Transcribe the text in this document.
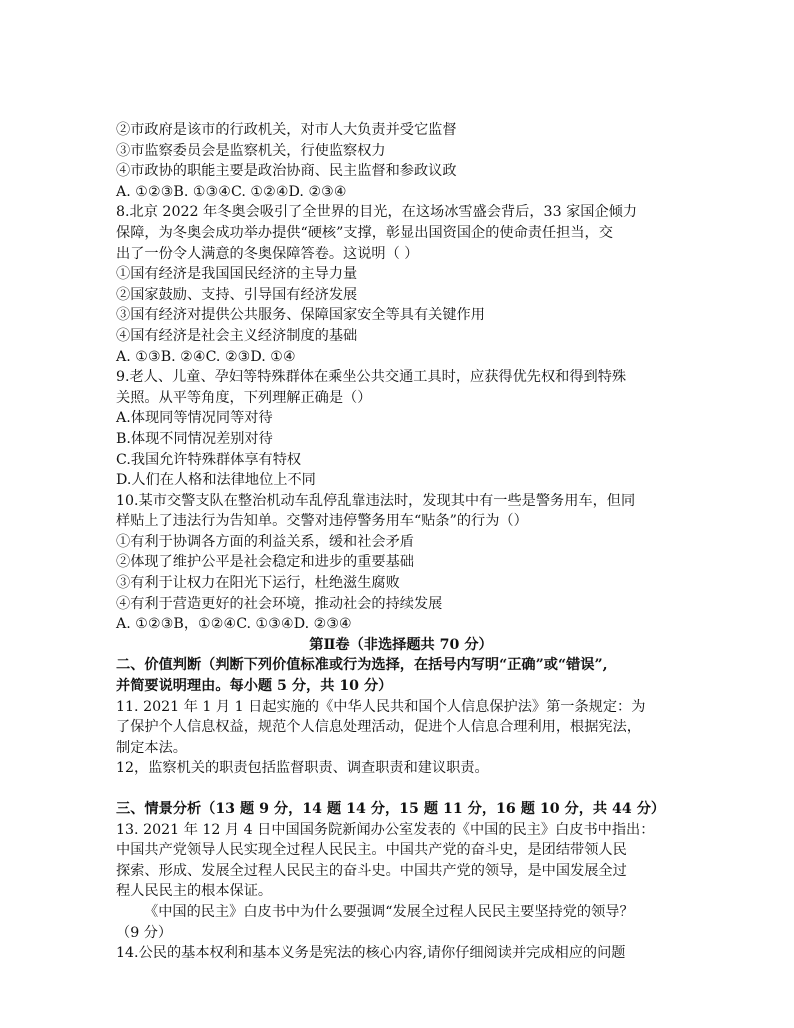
②市政府是该市的行政机关，对市人大负责并受它监督
③市监察委员会是监察机关，行使监察权力
④市政协的职能主要是政治协商、民主监督和参政议政
A. ①②③B. ①③④C. ①②④D. ②③④
8.北京 2022 年冬奥会吸引了全世界的目光，在这场冰雪盛会背后，33 家国企倾力
保障，为冬奥会成功举办提供“硬核”支撑，彰显出国资国企的使命责任担当，交
出了一份令人满意的冬奥保障答卷。这说明（ ）
①国有经济是我国国民经济的主导力量
②国家鼓励、支持、引导国有经济发展
③国有经济对提供公共服务、保障国家安全等具有关键作用
④国有经济是社会主义经济制度的基础
A. ①③B. ②④C. ②③D. ①④
9.老人、儿童、孕妇等特殊群体在乘坐公共交通工具时，应获得优先权和得到特殊
关照。从平等角度，下列理解正确是（）
A.体现同等情况同等对待
B.体现不同情况差别对待
C.我国允许特殊群体享有特权
D.人们在人格和法律地位上不同
10.某市交警支队在整治机动车乱停乱靠违法时，发现其中有一些是警务用车，但同
样贴上了违法行为告知单。交警对违停警务用车“贴条”的行为（）
①有利于协调各方面的利益关系，缓和社会矛盾
②体现了维护公平是社会稳定和进步的重要基础
③有利于让权力在阳光下运行，杜绝滋生腐败
④有利于营造更好的社会环境，推动社会的持续发展
A. ①②③B，①②④C. ①③④D. ②③④
第Ⅱ卷（非选择题共 70 分）
二、价值判断（判断下列价值标准或行为选择，在括号内写明“正确”或“错误”,
并简要说明理由。每小题 5 分，共 10 分）
11. 2021 年 1 月 1 日起实施的《中华人民共和国个人信息保护法》第一条规定：为
了保护个人信息权益，规范个人信息处理活动，促进个人信息合理利用，根据宪法，
制定本法。
12，监察机关的职责包括监督职责、调查职责和建议职责。
三、情景分析（13 题 9 分，14 题 14 分，15 题 11 分，16 题 10 分，共 44 分）
13. 2021 年 12 月 4 日中国国务院新闻办公室发表的《中国的民主》白皮书中指出：
中国共产党领导人民实现全过程人民民主。中国共产党的奋斗史，是团结带领人民
探索、形成、发展全过程人民民主的奋斗史。中国共产党的领导，是中国发展全过
程人民民主的根本保证。
《中国的民主》白皮书中为什么要强调“发展全过程人民民主要坚持党的领导？
（9 分）
14.公民的基本权利和基本义务是宪法的核心内容,请你仔细阅读并完成相应的问题
